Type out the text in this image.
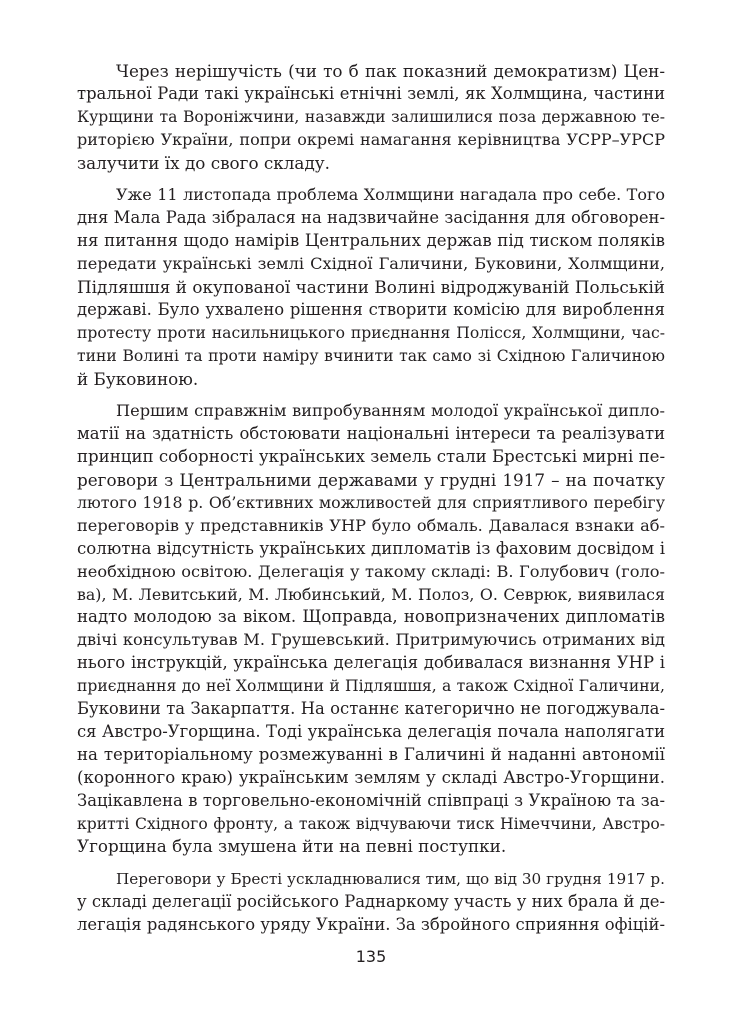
Через нерішучість (чи то б пак показний демократизм) Цен-
тральної Ради такі українські етнічні землі, як Холмщина, частини
Курщини та Вороніжчини, назавжди залишилися поза державною те-
риторією України, попри окремі намагання керівництва УСРР–УРСР
залучити їх до свого складу.
Уже 11 листопада проблема Холмщини нагадала про себе. Того
дня Мала Рада зібралася на надзвичайне засідання для обговорен-
ня питання щодо намірів Центральних держав під тиском поляків
передати українські землі Східної Галичини, Буковини, Холмщини,
Підляшшя й окупованої частини Волині відроджуваній Польській
державі. Було ухвалено рішення створити комісію для вироблення
протесту проти насильницького приєднання Полісся, Холмщини, час-
тини Волині та проти наміру вчинити так само зі Східною Галичиною
й Буковиною.
Першим справжнім випробуванням молодої української дипло-
матії на здатність обстоювати національні інтереси та реалізувати
принцип соборності українських земель стали Брестські мирні пе-
реговори з Центральними державами у грудні 1917 – на початку
лютого 1918 р. Об’єктивних можливостей для сприятливого перебігу
переговорів у представників УНР було обмаль. Давалася взнаки аб-
солютна відсутність українських дипломатів із фаховим досвідом і
необхідною освітою. Делегація у такому складі: В. Голубович (голо-
ва), М. Левитський, М. Любинський, М. Полоз, О. Севрюк, виявилася
надто молодою за віком. Щоправда, новопризначених дипломатів
двічі консультував М. Грушевський. Притримуючись отриманих від
нього інструкцій, українська делегація добивалася визнання УНР і
приєднання до неї Холмщини й Підляшшя, а також Східної Галичини,
Буковини та Закарпаття. На останнє категорично не погоджувала-
ся Австро-Угорщина. Тоді українська делегація почала наполягати
на територіальному розмежуванні в Галичині й наданні автономії
(коронного краю) українським землям у складі Австро-Угорщини.
Зацікавлена в торговельно-економічній співпраці з Україною та за-
критті Східного фронту, а також відчуваючи тиск Німеччини, Австро-
Угорщина була змушена йти на певні поступки.
Переговори у Бресті ускладнювалися тим, що від 30 грудня 1917 р.
у складі делегації російського Раднаркому участь у них брала й де-
легація радянського уряду України. За збройного сприяння офіцій-
135
